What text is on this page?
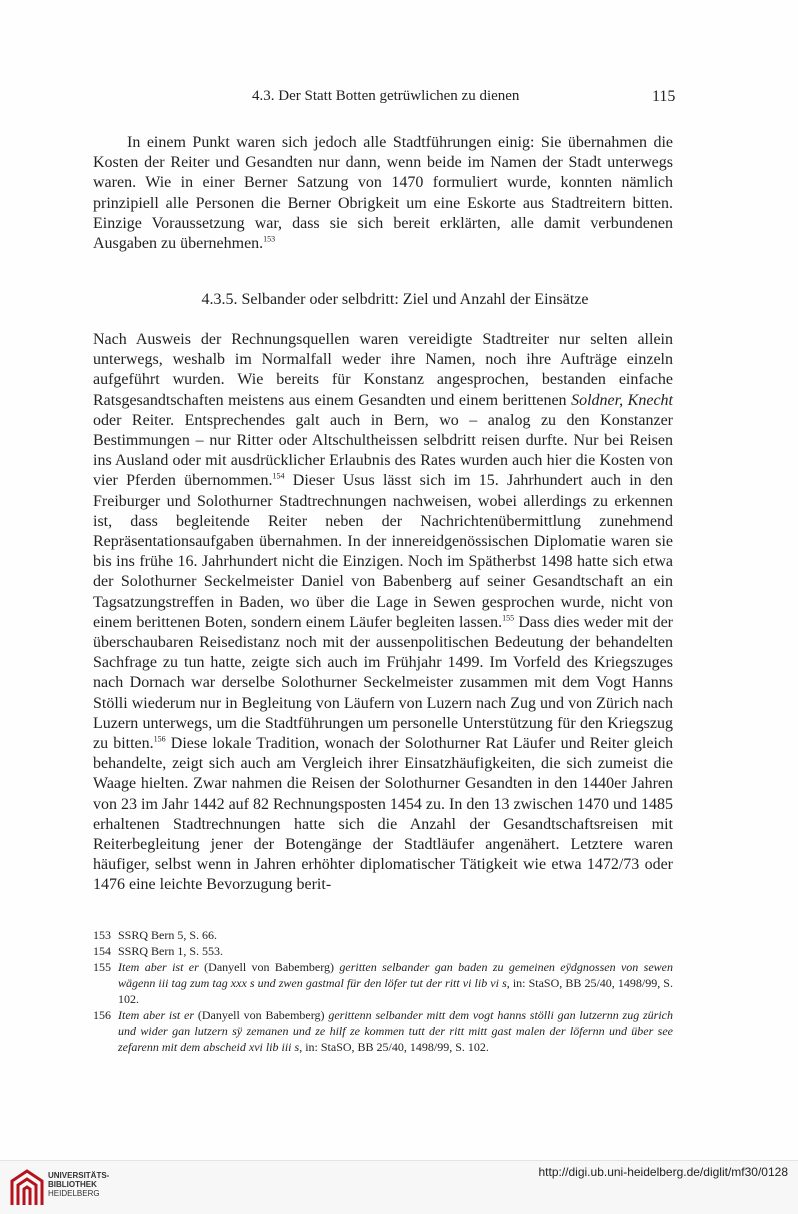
4.3. Der Statt Botten getrüwlichen zu dienen	115

In einem Punkt waren sich jedoch alle Stadtführungen einig: Sie übernahmen die Kosten der Reiter und Gesandten nur dann, wenn beide im Namen der Stadt unterwegs waren. Wie in einer Berner Satzung von 1470 formuliert wurde, konnten nämlich prinzipiell alle Personen die Berner Obrigkeit um eine Eskorte aus Stadtreitern bitten. Einzige Voraussetzung war, dass sie sich bereit erklärten, alle damit verbundenen Ausgaben zu übernehmen.$^{153}$

4.3.5. Selbander oder selbdritt: Ziel und Anzahl der Einsätze

Nach Ausweis der Rechnungsquellen waren vereidigte Stadtreiter nur selten allein unterwegs, weshalb im Normalfall weder ihre Namen, noch ihre Aufträge einzeln aufgeführt wurden. Wie bereits für Konstanz angesprochen, bestanden einfache Ratsgesandtschaften meistens aus einem Gesandten und einem berittenen Soldner, Knecht oder Reiter. Entsprechendes galt auch in Bern, wo – analog zu den Konstanzer Bestimmungen – nur Ritter oder Altschultheissen selbdritt reisen durfte. Nur bei Reisen ins Ausland oder mit ausdrücklicher Erlaubnis des Rates wurden auch hier die Kosten von vier Pferden übernommen.$^{154}$ Dieser Usus lässt sich im 15. Jahrhundert auch in den Freiburger und Solothurner Stadtrechnungen nachweisen, wobei allerdings zu erkennen ist, dass begleitende Reiter neben der Nachrichtenübermittlung zunehmend Repräsentationsaufgaben übernahmen. In der innereidgenössischen Diplomatie waren sie bis ins frühe 16. Jahrhundert nicht die Einzigen. Noch im Spätherbst 1498 hatte sich etwa der Solothurner Seckelmeister Daniel von Babenberg auf seiner Gesandtschaft an ein Tagsatzungstreffen in Baden, wo über die Lage in Sewen gesprochen wurde, nicht von einem berittenen Boten, sondern einem Läufer begleiten lassen.$^{155}$ Dass dies weder mit der überschaubaren Reisedistanz noch mit der aussenpolitischen Bedeutung der behandelten Sachfrage zu tun hatte, zeigte sich auch im Frühjahr 1499. Im Vorfeld des Kriegszuges nach Dornach war derselbe Solothurner Seckelmeister zusammen mit dem Vogt Hanns Stölli wiederum nur in Begleitung von Läufern von Luzern nach Zug und von Zürich nach Luzern unterwegs, um die Stadtführungen um personelle Unterstützung für den Kriegszug zu bitten.$^{156}$ Diese lokale Tradition, wonach der Solothurner Rat Läufer und Reiter gleich behandelte, zeigt sich auch am Vergleich ihrer Einsatzhäufigkeiten, die sich zumeist die Waage hielten. Zwar nahmen die Reisen der Solothurner Gesandten in den 1440er Jahren von 23 im Jahr 1442 auf 82 Rechnungsposten 1454 zu. In den 13 zwischen 1470 und 1485 erhaltenen Stadtrechnungen hatte sich die Anzahl der Gesandtschaftsreisen mit Reiterbegleitung jener der Botengänge der Stadtläufer angenähert. Letztere waren häufiger, selbst wenn in Jahren erhöhter diplomatischer Tätigkeit wie etwa 1472/73 oder 1476 eine leichte Bevorzugung berit-

153 SSRQ Bern 5, S. 66.

154 SSRQ Bern 1, S. 553.

155 Item aber ist er (Danyell von Babemberg) geritten selbander gan baden zu gemeinen eÿdgnossen von sewen wägenn iii tag zum tag xxx s und zwen gastmal für den löfer tut der ritt vi lib vi s, in: StaSO, BB 25/40, 1498/99, S. 102.

156 Item aber ist er (Danyell von Babemberg) gerittenn selbander mitt dem vogt hanns stölli gan lutzernn zug zürich und wider gan lutzern sÿ zemanen und ze hilf ze kommen tutt der ritt mitt gast malen der löfernn und über see zefarenn mit dem abscheid xvi lib iii s, in: StaSO, BB 25/40, 1498/99, S. 102.

UNIVERSITÄTS-
BIBLIOTHEK
HEIDELBERG
http://digi.ub.uni-heidelberg.de/diglit/mf30/0128
